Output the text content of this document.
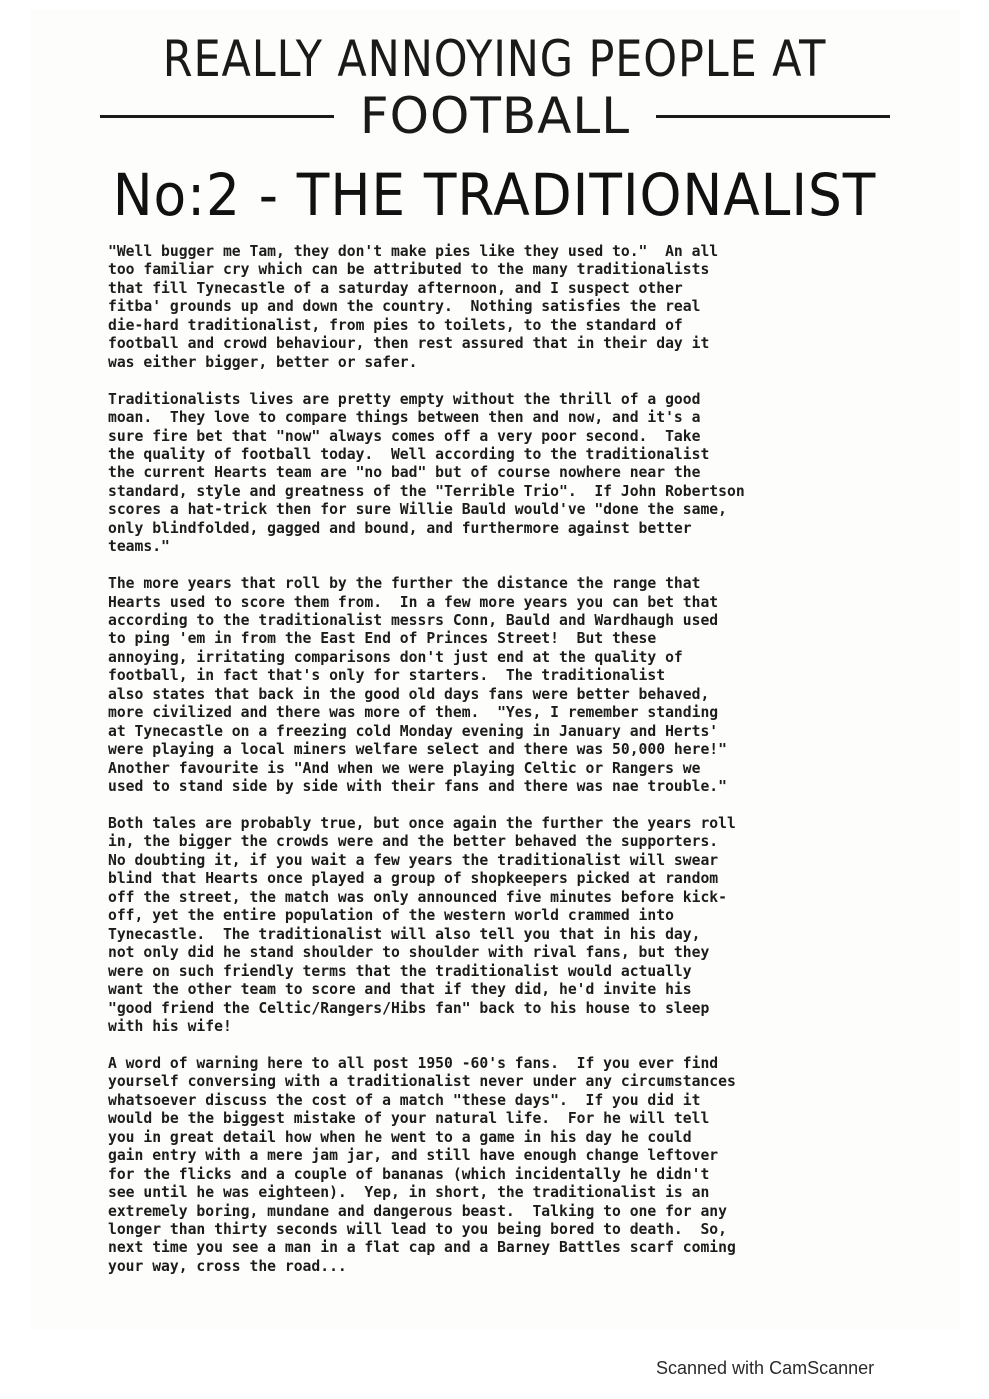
REALLY ANNOYING PEOPLE AT
FOOTBALL
No:2 - THE TRADITIONALIST
"Well bugger me Tam, they don't make pies like they used to."  An all
too familiar cry which can be attributed to the many traditionalists
that fill Tynecastle of a saturday afternoon, and I suspect other
fitba' grounds up and down the country.  Nothing satisfies the real
die-hard traditionalist, from pies to toilets, to the standard of
football and crowd behaviour, then rest assured that in their day it
was either bigger, better or safer.
Traditionalists lives are pretty empty without the thrill of a good
moan.  They love to compare things between then and now, and it's a
sure fire bet that "now" always comes off a very poor second.  Take
the quality of football today.  Well according to the traditionalist
the current Hearts team are "no bad" but of course nowhere near the
standard, style and greatness of the "Terrible Trio".  If John Robertson
scores a hat-trick then for sure Willie Bauld would've "done the same,
only blindfolded, gagged and bound, and furthermore against better
teams."
The more years that roll by the further the distance the range that
Hearts used to score them from.  In a few more years you can bet that
according to the traditionalist messrs Conn, Bauld and Wardhaugh used
to ping 'em in from the East End of Princes Street!  But these
annoying, irritating comparisons don't just end at the quality of
football, in fact that's only for starters.  The traditionalist
also states that back in the good old days fans were better behaved,
more civilized and there was more of them.  "Yes, I remember standing
at Tynecastle on a freezing cold Monday evening in January and Herts'
were playing a local miners welfare select and there was 50,000 here!"
Another favourite is "And when we were playing Celtic or Rangers we
used to stand side by side with their fans and there was nae trouble."
Both tales are probably true, but once again the further the years roll
in, the bigger the crowds were and the better behaved the supporters.
No doubting it, if you wait a few years the traditionalist will swear
blind that Hearts once played a group of shopkeepers picked at random
off the street, the match was only announced five minutes before kick-
off, yet the entire population of the western world crammed into
Tynecastle.  The traditionalist will also tell you that in his day,
not only did he stand shoulder to shoulder with rival fans, but they
were on such friendly terms that the traditionalist would actually
want the other team to score and that if they did, he'd invite his
"good friend the Celtic/Rangers/Hibs fan" back to his house to sleep
with his wife!
A word of warning here to all post 1950 -60's fans.  If you ever find
yourself conversing with a traditionalist never under any circumstances
whatsoever discuss the cost of a match "these days".  If you did it
would be the biggest mistake of your natural life.  For he will tell
you in great detail how when he went to a game in his day he could
gain entry with a mere jam jar, and still have enough change leftover
for the flicks and a couple of bananas (which incidentally he didn't
see until he was eighteen).  Yep, in short, the traditionalist is an
extremely boring, mundane and dangerous beast.  Talking to one for any
longer than thirty seconds will lead to you being bored to death.  So,
next time you see a man in a flat cap and a Barney Battles scarf coming
your way, cross the road...
Scanned with CamScanner
